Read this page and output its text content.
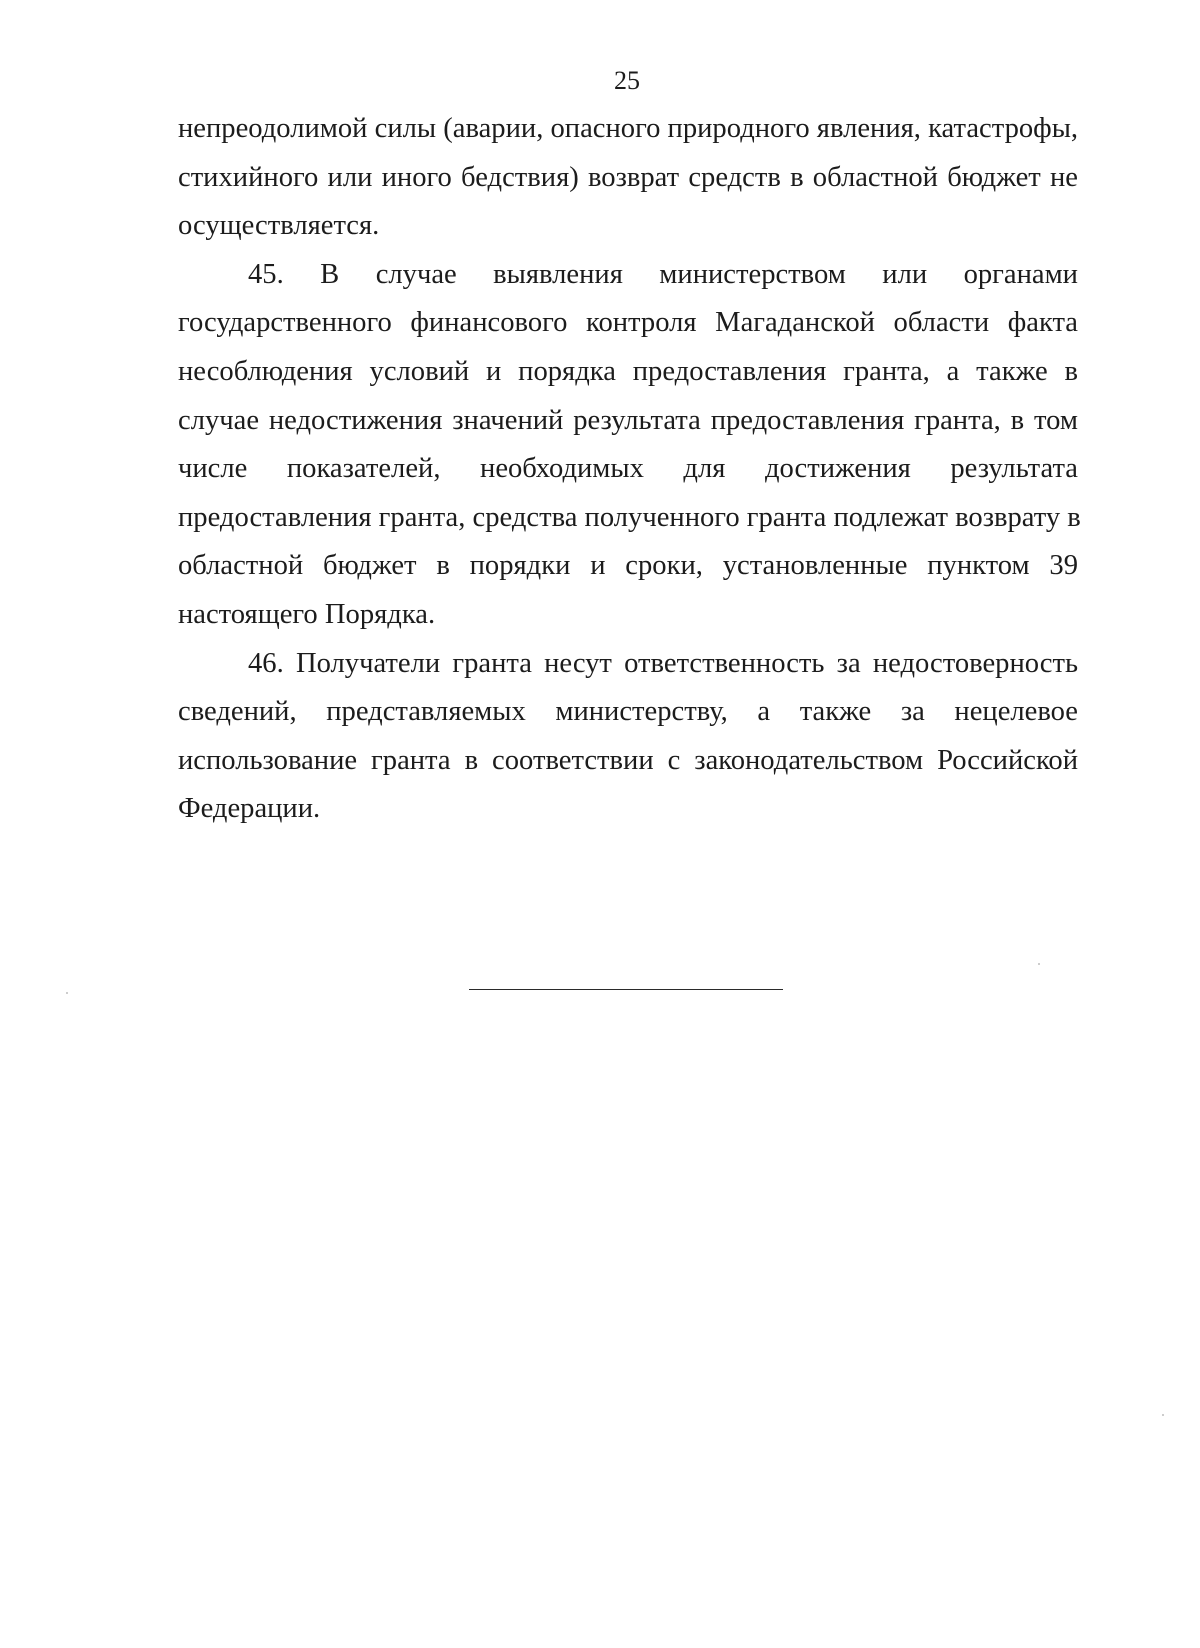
25
непреодолимой силы (аварии, опасного природного явления, катастрофы,
стихийного или иного бедствия) возврат средств в областной бюджет не
осуществляется.
45. В случае выявления министерством или органами
государственного финансового контроля Магаданской области факта
несоблюдения условий и порядка предоставления гранта, а также в
случае недостижения значений результата предоставления гранта, в том
числе показателей, необходимых для достижения результата
предоставления гранта, средства полученного гранта подлежат возврату в
областной бюджет в порядки и сроки, установленные пунктом 39
настоящего Порядка.
46. Получатели гранта несут ответственность за недостоверность
сведений, представляемых министерству, а также за нецелевое
использование гранта в соответствии с законодательством Российской
Федерации.
